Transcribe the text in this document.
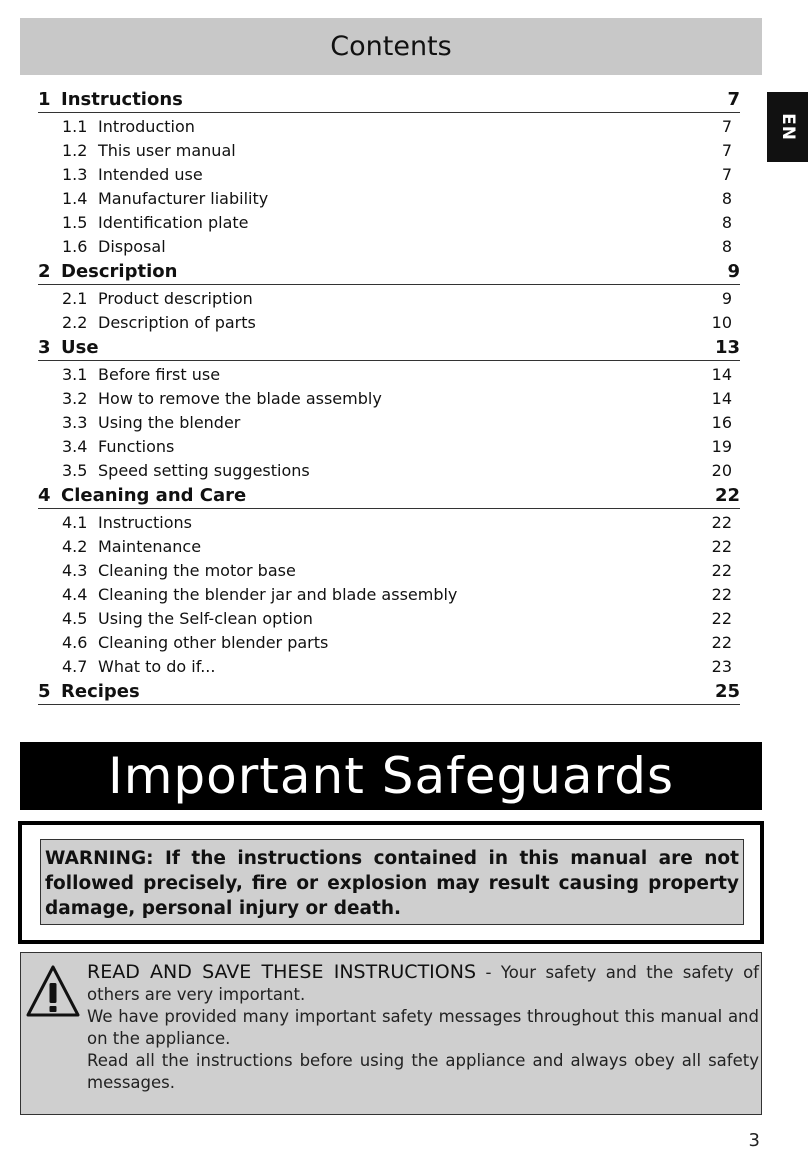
Contents
EN
1 Instructions	7
1.1 Introduction	7
1.2 This user manual	7
1.3 Intended use	7
1.4 Manufacturer liability	8
1.5 Identification plate	8
1.6 Disposal	8
2 Description	9
2.1 Product description	9
2.2 Description of parts	10
3 Use	13
3.1 Before first use	14
3.2 How to remove the blade assembly	14
3.3 Using the blender	16
3.4 Functions	19
3.5 Speed setting suggestions	20
4 Cleaning and Care	22
4.1 Instructions	22
4.2 Maintenance	22
4.3 Cleaning the motor base	22
4.4 Cleaning the blender jar and blade assembly	22
4.5 Using the Self-clean option	22
4.6 Cleaning other blender parts	22
4.7 What to do if...	23
5 Recipes	25
Important Safeguards
WARNING: If the instructions contained in this manual are not followed precisely, fire or explosion may result causing property damage, personal injury or death.

READ AND SAVE THESE INSTRUCTIONS - Your safety and the safety of others are very important.

We have provided many important safety messages throughout this manual and on the appliance.

Read all the instructions before using the appliance and always obey all safety messages.

3
